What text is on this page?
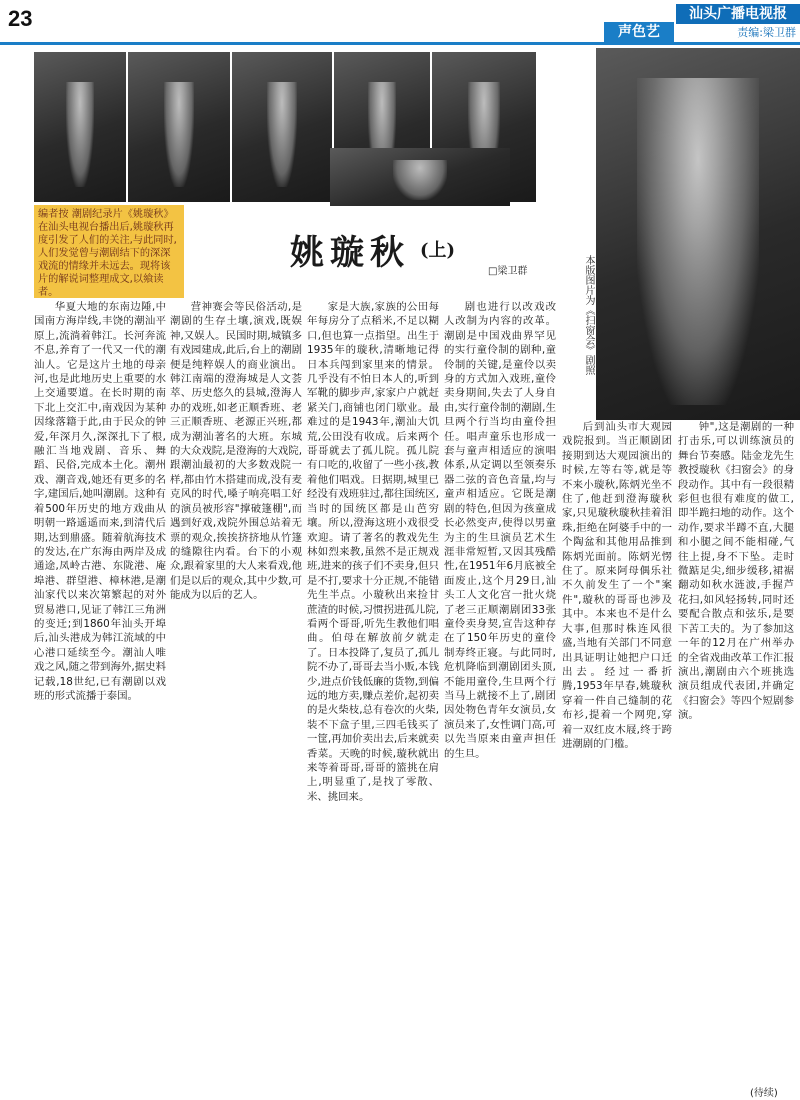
23
声色艺
汕头广播电视报
责编:梁卫群
编者按 潮剧纪录片《姚璇秋》在汕头电视台播出后,姚璇秋再度引发了人们的关注,与此同时,人们发觉曾与潮剧结下的深深戏流的情缘并未远去。现将该片的解说词整理成文,以飨读者。
姚璇秋 (上)
□梁卫群	本版图片为《扫窗会》剧照

华夏大地的东南边陲,中国南方海岸线,丰饶的潮汕平原上,流淌着韩江。长河奔流不息,养育了一代又一代的潮汕人。它是这片土地的母亲河,也是此地历史上重要的水上交通要道。在长时期的南下北上交汇中,南戏因为某种因缘落籍于此,由于民众的钟爱,年深月久,深深扎下了根,融汇当地戏剧、音乐、舞蹈、民俗,完成本土化。潮州戏、潮音戏,她还有更多的名字,建国后,她叫潮剧。这种有着500年历史的地方戏曲从明朝一路遥遥而来,到清代后期,达到鼎盛。随着航海技术的发达,在广东海由两岸及成通途,凤岭古港、东陇港、庵埠港、群望港、樟林港,是潮汕家代以来次第繁起的对外贸易港口,见证了韩江三角洲的变迁;到1860年汕头开埠后,汕头港成为韩江流域的中心港口延续至今。潮汕人唯戏之风,随之带到海外,据史料记载,18世纪,已有潮剧以戏班的形式流播于泰国。

营神赛会等民俗活动,是潮剧的生存土壤,演戏,既娱神,又娱人。民国时期,城镇多有戏园建成,此后,台上的潮剧便是纯粹娱人的商业演出。韩江南端的澄海城是人文荟萃、历史悠久的县城,澄海人办的戏班,如老正顺香班、老三正顺香班、老源正兴班,都成为潮汕著名的大班。东城的大众戏院,是澄海的大戏院,跟潮汕最初的大多数戏院一样,都由竹木搭建而成,没有麦克风的时代,嗓子响亮唱工好的演员被形容"撑破篷棚",而遇到好戏,戏院外围总站着无票的观众,挨挨挤挤地从竹篷的缝隙往内看。台下的小观众,跟着家里的大人来看戏,他们是以后的观众,其中少数,可能成为以后的艺人。

家是大族,家族的公田每年每房分了点稻米,不足以糊口,但也算一点指望。出生于1935年的璇秋,清晰地记得日本兵闯到家里来的情景。几乎没有不怕日本人的,听到军靴的脚步声,家家户户就赶紧关门,商铺也闭门歇业。最难过的是1943年,潮汕大饥荒,公田没有收成。后来两个哥哥就去了孤儿院。孤儿院有口吃的,收留了一些小孩,教着他们唱戏。日据期,城里已经没有戏班驻过,都往国统区,当时的国统区都是山芭穷壤。所以,澄海这班小戏很受欢迎。请了著名的教戏先生林如烈来教,虽然不是正规戏班,进来的孩子们不卖身,但只是不打,要求十分正规,不能错先生半点。小璇秋出来捡甘蔗渣的时候,习惯拐进孤儿院,看两个哥哥,听先生教他们唱曲。伯母在解放前夕就走了。日本投降了,复员了,孤儿院不办了,哥哥去当小贩,本钱少,进点价钱低廉的货物,到偏远的地方卖,赚点差价,起初卖的是火柴枝,总有卷次的火柴,装不下盒子里,三四毛钱买了一筐,再加价卖出去,后来就卖香菜。天晚的时候,璇秋就出来等着哥哥,哥哥的篮挑在肩上,明显重了,是找了零散、米、挑回来。

剧也进行以改戏改人改制为内容的改革。潮剧是中国戏曲界罕见的实行童伶制的剧种,童伶制的关键,是童伶以卖身的方式加入戏班,童伶卖身期间,失去了人身自由,实行童伶制的潮剧,生旦两个行当均由童伶担任。唱声童乐也形成一套与童声相适应的演唱体系,从定调以至领奏乐器二弦的音色音量,均与童声相适应。它既是潮剧的特色,但因为孩童成长必然变声,使得以男童为主的生旦演员艺术生涯非常短暂,又因其残酷性,在1951年6月底被全面废止,这个月29日,汕头工人文化宫一批火烧了老三正顺潮剧团33张童伶卖身契,宣告这种存在了150年历史的童伶制寿终正寝。与此同时,危机降临到潮剧团头顶,不能用童伶,生旦两个行当马上就接不上了,剧团因处物色青年女演员,女演员来了,女性调门高,可以先当原来由童声担任的生旦。

后到汕头市大观园戏院报到。当正顺剧团接期到达大观园演出的时候,左等右等,就是等不来小璇秋,陈炳光坐不住了,他赶到澄海璇秋家,只见璇秋璇秋挂着泪珠,拒绝在阿婆手中的一个陶盆和其他用品推到陈炳光面前。陈炳光愣住了。原来阿母偶乐社不久前发生了一个"案件",璇秋的哥哥也涉及其中。本来也不是什么大事,但那时株连风很盛,当地有关部门不同意出具证明让她把户口迁出去。经过一番折腾,1953年早春,姚璇秋穿着一件自己缝制的花布衫,提着一个网兜,穿着一双红皮木屐,终于跨进潮剧的门槛。

钟",这是潮剧的一种打击乐,可以训练演员的舞台节奏感。陆金龙先生教授璇秋《扫窗会》的身段动作。其中有一段很精彩但也很有难度的做工,即半跪扫地的动作。这个动作,要求半蹲不直,大腿和小腿之间不能相碰,气往上提,身不下坠。走时微踮足尖,细步缓移,裙裾翻动如秋水涟波,手握芦花扫,如风轻扬转,同时还要配合散点和弦乐,是要下苦工夫的。为了参加这一年的12月在广州举办的全省戏曲改革工作汇报演出,潮剧由六个班挑选演员组成代表团,并确定《扫窗会》等四个短剧参演。

(待续)
